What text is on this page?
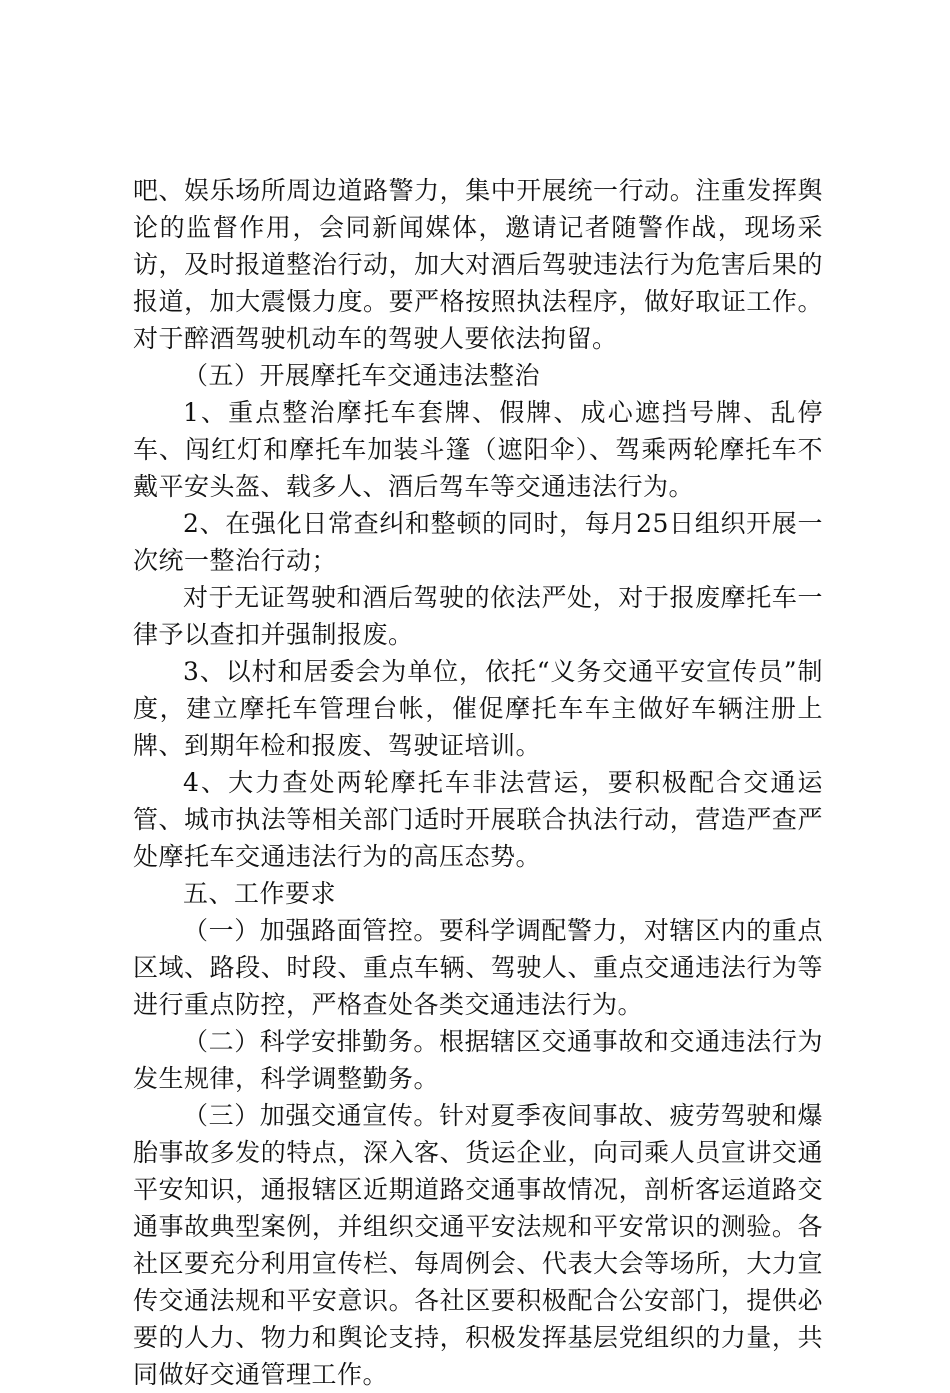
吧、娱乐场所周边道路警力，集中开展统一行动。注重发挥舆论的监督作用，会同新闻媒体，邀请记者随警作战，现场采访，及时报道整治行动，加大对酒后驾驶违法行为危害后果的报道，加大震慑力度。要严格按照执法程序，做好取证工作。对于醉酒驾驶机动车的驾驶人要依法拘留。

（五）开展摩托车交通违法整治

1、重点整治摩托车套牌、假牌、成心遮挡号牌、乱停车、闯红灯和摩托车加装斗篷（遮阳伞）、驾乘两轮摩托车不戴平安头盔、载多人、酒后驾车等交通违法行为。

2、在强化日常查纠和整顿的同时，每月25日组织开展一次统一整治行动；

对于无证驾驶和酒后驾驶的依法严处，对于报废摩托车一律予以查扣并强制报废。

3、以村和居委会为单位，依托“义务交通平安宣传员”制度，建立摩托车管理台帐，催促摩托车车主做好车辆注册上牌、到期年检和报废、驾驶证培训。

4、大力查处两轮摩托车非法营运，要积极配合交通运管、城市执法等相关部门适时开展联合执法行动，营造严查严处摩托车交通违法行为的高压态势。

五、工作要求

（一）加强路面管控。要科学调配警力，对辖区内的重点区域、路段、时段、重点车辆、驾驶人、重点交通违法行为等进行重点防控，严格查处各类交通违法行为。

（二）科学安排勤务。根据辖区交通事故和交通违法行为发生规律，科学调整勤务。

（三）加强交通宣传。针对夏季夜间事故、疲劳驾驶和爆胎事故多发的特点，深入客、货运企业，向司乘人员宣讲交通平安知识，通报辖区近期道路交通事故情况，剖析客运道路交通事故典型案例，并组织交通平安法规和平安常识的测验。各社区要充分利用宣传栏、每周例会、代表大会等场所，大力宣传交通法规和平安意识。各社区要积极配合公安部门，提供必要的人力、物力和舆论支持，积极发挥基层党组织的力量，共同做好交通管理工作。
